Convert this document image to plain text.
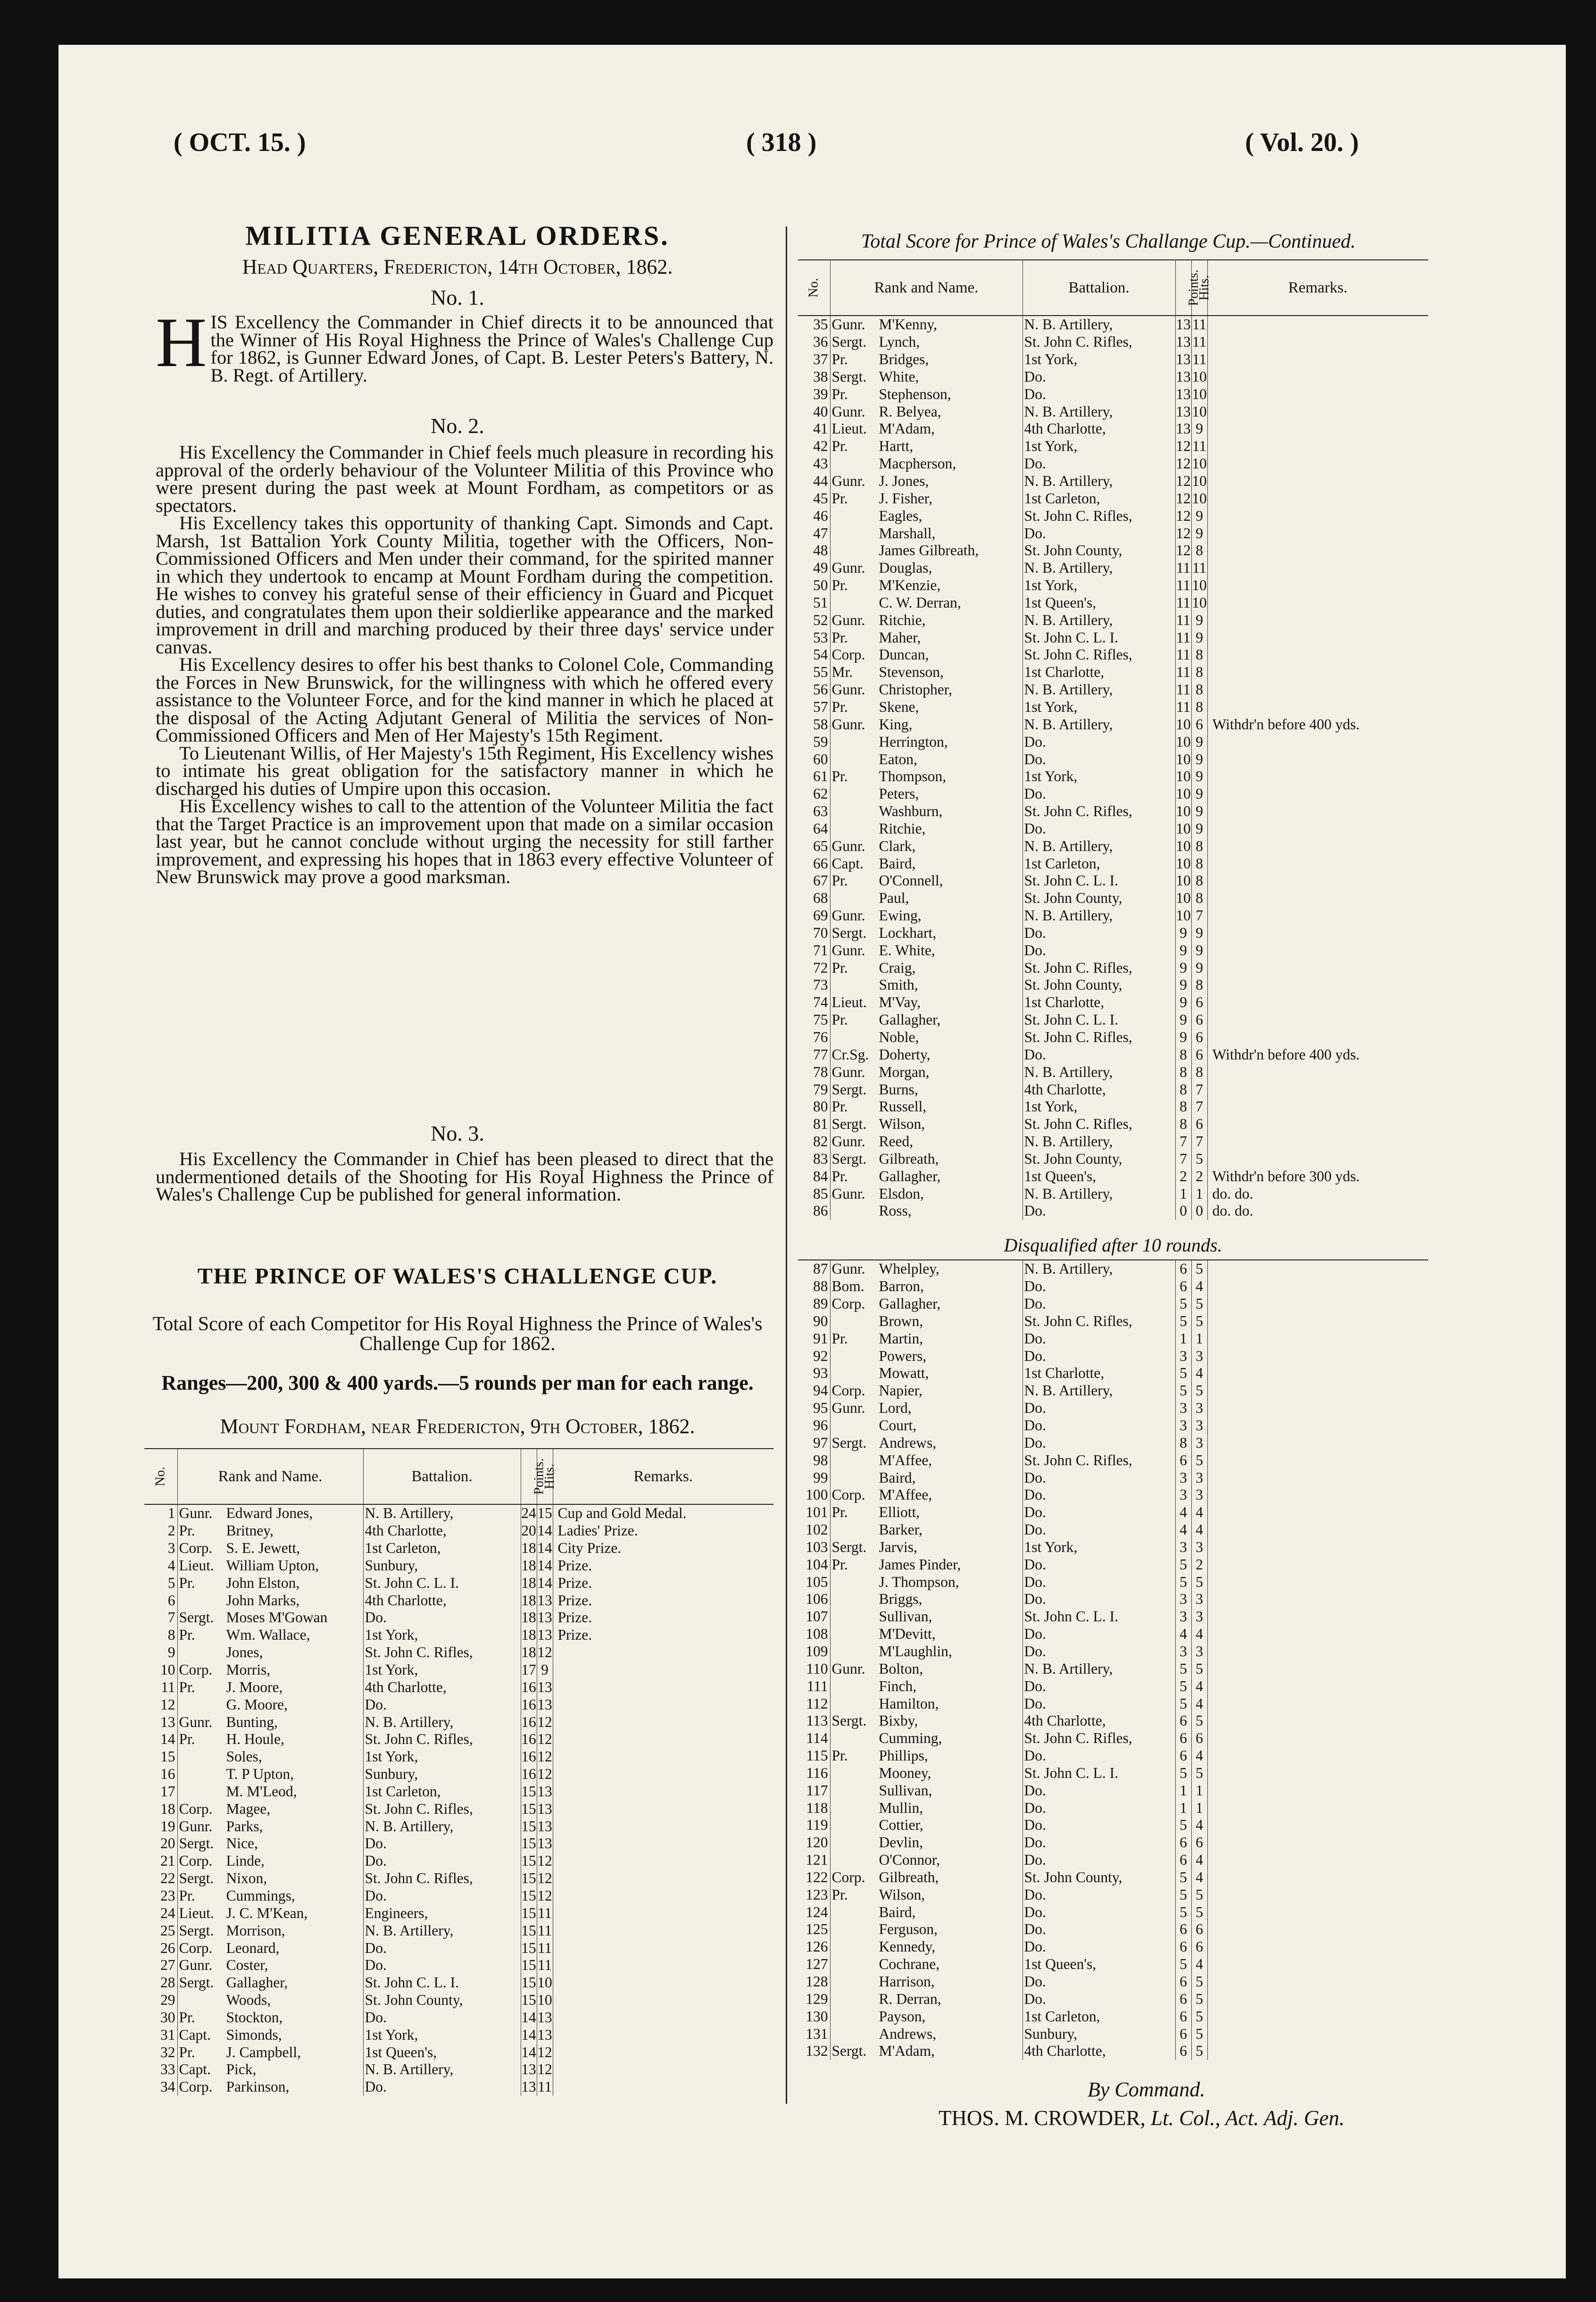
( OCT. 15. )	( 318 )	( Vol. 20. )
MILITIA GENERAL ORDERS.
Head Quarters, Fredericton, 14th October, 1862.
No. 1.

HIS Excellency the Commander in Chief directs it to be announced that the Winner of His Royal Highness the Prince of Wales's Challenge Cup for 1862, is Gunner Edward Jones, of Capt. B. Lester Peters's Battery, N. B. Regt. of Artillery.

No. 2.

His Excellency the Commander in Chief feels much pleasure in recording his approval of the orderly behaviour of the Volunteer Militia of this Province who were present during the past week at Mount Fordham, as competitors or as spectators.

His Excellency takes this opportunity of thanking Capt. Simonds and Capt. Marsh, 1st Battalion York County Militia, together with the Officers, Non-Commissioned Officers and Men under their command, for the spirited manner in which they undertook to encamp at Mount Fordham during the competition. He wishes to convey his grateful sense of their efficiency in Guard and Picquet duties, and congratulates them upon their soldierlike appearance and the marked improvement in drill and marching produced by their three days' service under canvas.

His Excellency desires to offer his best thanks to Colonel Cole, Commanding the Forces in New Brunswick, for the willingness with which he offered every assistance to the Volunteer Force, and for the kind manner in which he placed at the disposal of the Acting Adjutant General of Militia the services of Non-Commissioned Officers and Men of Her Majesty's 15th Regiment.

To Lieutenant Willis, of Her Majesty's 15th Regiment, His Excellency wishes to intimate his great obligation for the satisfactory manner in which he discharged his duties of Umpire upon this occasion.

His Excellency wishes to call to the attention of the Volunteer Militia the fact that the Target Practice is an improvement upon that made on a similar occasion last year, but he cannot conclude without urging the necessity for still farther improvement, and expressing his hopes that in 1863 every effective Volunteer of New Brunswick may prove a good marksman.

No. 3.

His Excellency the Commander in Chief has been pleased to direct that the undermentioned details of the Shooting for His Royal Highness the Prince of Wales's Challenge Cup be published for general information.

THE PRINCE OF WALES'S CHALLENGE CUP.
Total Score of each Competitor for His Royal Highness the Prince of Wales's Challenge Cup for 1862.
Ranges—200, 300 & 400 yards.—5 rounds per man for each range.
Mount Fordham, near Fredericton, 9th October, 1862.
No.	Rank and Name.	Battalion.	Points.	Hits.	Remarks.
1	Gunr. Edward Jones,	N. B. Artillery,	24	15	Cup and Gold Medal.
2	Pr. Britney,	4th Charlotte,	20	14	Ladies' Prize.
3	Corp. S. E. Jewett,	1st Carleton,	18	14	City Prize.
4	Lieut. William Upton,	Sunbury,	18	14	Prize.
5	Pr. John Elston,	St. John C. L. I.	18	14	Prize.
6	John Marks,	4th Charlotte,	18	13	Prize.
7	Sergt. Moses M'Gowan	Do.	18	13	Prize.
8	Pr. Wm. Wallace,	1st York,	18	13	Prize.
9	Jones,	St. John C. Rifles,	18	12	
10	Corp. Morris,	1st York,	17	9	
11	Pr. J. Moore,	4th Charlotte,	16	13	
12	G. Moore,	Do.	16	13	
13	Gunr. Bunting,	N. B. Artillery,	16	12	
14	Pr. H. Houle,	St. John C. Rifles,	16	12	
15	Soles,	1st York,	16	12	
16	T. P Upton,	Sunbury,	16	12	
17	M. M'Leod,	1st Carleton,	15	13	
18	Corp. Magee,	St. John C. Rifles,	15	13	
19	Gunr. Parks,	N. B. Artillery,	15	13	
20	Sergt. Nice,	Do.	15	13	
21	Corp. Linde,	Do.	15	12	
22	Sergt. Nixon,	St. John C. Rifles,	15	12	
23	Pr. Cummings,	Do.	15	12	
24	Lieut. J. C. M'Kean,	Engineers,	15	11	
25	Sergt. Morrison,	N. B. Artillery,	15	11	
26	Corp. Leonard,	Do.	15	11	
27	Gunr. Coster,	Do.	15	11	
28	Sergt. Gallagher,	St. John C. L. I.	15	10	
29	Woods,	St. John County,	15	10	
30	Pr. Stockton,	Do.	14	13	
31	Capt. Simonds,	1st York,	14	13	
32	Pr. J. Campbell,	1st Queen's,	14	12	
33	Capt. Pick,	N. B. Artillery,	13	12	
34	Corp. Parkinson,	Do.	13	11	
Total Score for Prince of Wales's Challange Cup.—Continued.
No.	Rank and Name.	Battalion.	Points.	Hits.	Remarks.
35	Gunr. M'Kenny,	N. B. Artillery,	13	11	
36	Sergt. Lynch,	St. John C. Rifles,	13	11	
37	Pr. Bridges,	1st York,	13	11	
38	Sergt. White,	Do.	13	10	
39	Pr. Stephenson,	Do.	13	10	
40	Gunr. R. Belyea,	N. B. Artillery,	13	10	
41	Lieut. M'Adam,	4th Charlotte,	13	9	
42	Pr. Hartt,	1st York,	12	11	
43	Macpherson,	Do.	12	10	
44	Gunr. J. Jones,	N. B. Artillery,	12	10	
45	Pr. J. Fisher,	1st Carleton,	12	10	
46	Eagles,	St. John C. Rifles,	12	9	
47	Marshall,	Do.	12	9	
48	James Gilbreath,	St. John County,	12	8	
49	Gunr. Douglas,	N. B. Artillery,	11	11	
50	Pr. M'Kenzie,	1st York,	11	10	
51	C. W. Derran,	1st Queen's,	11	10	
52	Gunr. Ritchie,	N. B. Artillery,	11	9	
53	Pr. Maher,	St. John C. L. I.	11	9	
54	Corp. Duncan,	St. John C. Rifles,	11	8	
55	Mr. Stevenson,	1st Charlotte,	11	8	
56	Gunr. Christopher,	N. B. Artillery,	11	8	
57	Pr. Skene,	1st York,	11	8	
58	Gunr. King,	N. B. Artillery,	10	6	Withdr'n before 400 yds.
59	Herrington,	Do.	10	9	
60	Eaton,	Do.	10	9	
61	Pr. Thompson,	1st York,	10	9	
62	Peters,	Do.	10	9	
63	Washburn,	St. John C. Rifles,	10	9	
64	Ritchie,	Do.	10	9	
65	Gunr. Clark,	N. B. Artillery,	10	8	
66	Capt. Baird,	1st Carleton,	10	8	
67	Pr. O'Connell,	St. John C. L. I.	10	8	
68	Paul,	St. John County,	10	8	
69	Gunr. Ewing,	N. B. Artillery,	10	7	
70	Sergt. Lockhart,	Do.	9	9	
71	Gunr. E. White,	Do.	9	9	
72	Pr. Craig,	St. John C. Rifles,	9	9	
73	Smith,	St. John County,	9	8	
74	Lieut. M'Vay,	1st Charlotte,	9	6	
75	Pr. Gallagher,	St. John C. L. I.	9	6	
76	Noble,	St. John C. Rifles,	9	6	
77	Cr.Sg. Doherty,	Do.	8	6	Withdr'n before 400 yds.
78	Gunr. Morgan,	N. B. Artillery,	8	8	
79	Sergt. Burns,	4th Charlotte,	8	7	
80	Pr. Russell,	1st York,	8	7	
81	Sergt. Wilson,	St. John C. Rifles,	8	6	
82	Gunr. Reed,	N. B. Artillery,	7	7	
83	Sergt. Gilbreath,	St. John County,	7	5	
84	Pr. Gallagher,	1st Queen's,	2	2	Withdr'n before 300 yds.
85	Gunr. Elsdon,	N. B. Artillery,	1	1	do. do.
86	Ross,	Do.	0	0	do. do.
Disqualified after 10 rounds.
87	Gunr. Whelpley,	N. B. Artillery,	6	5	
88	Bom. Barron,	Do.	6	4	
89	Corp. Gallagher,	Do.	5	5	
90	Brown,	St. John C. Rifles,	5	5	
91	Pr. Martin,	Do.	1	1	
92	Powers,	Do.	3	3	
93	Mowatt,	1st Charlotte,	5	4	
94	Corp. Napier,	N. B. Artillery,	5	5	
95	Gunr. Lord,	Do.	3	3	
96	Court,	Do.	3	3	
97	Sergt. Andrews,	Do.	8	3	
98	M'Affee,	St. John C. Rifles,	6	5	
99	Baird,	Do.	3	3	
100	Corp. M'Affee,	Do.	3	3	
101	Pr. Elliott,	Do.	4	4	
102	Barker,	Do.	4	4	
103	Sergt. Jarvis,	1st York,	3	3	
104	Pr. James Pinder,	Do.	5	2	
105	J. Thompson,	Do.	5	5	
106	Briggs,	Do.	3	3	
107	Sullivan,	St. John C. L. I.	3	3	
108	M'Devitt,	Do.	4	4	
109	M'Laughlin,	Do.	3	3	
110	Gunr. Bolton,	N. B. Artillery,	5	5	
111	Finch,	Do.	5	4	
112	Hamilton,	Do.	5	4	
113	Sergt. Bixby,	4th Charlotte,	6	5	
114	Cumming,	St. John C. Rifles,	6	6	
115	Pr. Phillips,	Do.	6	4	
116	Mooney,	St. John C. L. I.	5	5	
117	Sullivan,	Do.	1	1	
118	Mullin,	Do.	1	1	
119	Cottier,	Do.	5	4	
120	Devlin,	Do.	6	6	
121	O'Connor,	Do.	6	4	
122	Corp. Gilbreath,	St. John County,	5	4	
123	Pr. Wilson,	Do.	5	5	
124	Baird,	Do.	5	5	
125	Ferguson,	Do.	6	6	
126	Kennedy,	Do.	6	6	
127	Cochrane,	1st Queen's,	5	4	
128	Harrison,	Do.	6	5	
129	R. Derran,	Do.	6	5	
130	Payson,	1st Carleton,	6	5	
131	Andrews,	Sunbury,	6	5	
132	Sergt. M'Adam,	4th Charlotte,	6	5	
By Command.
THOS. M. CROWDER, Lt. Col., Act. Adj. Gen.
